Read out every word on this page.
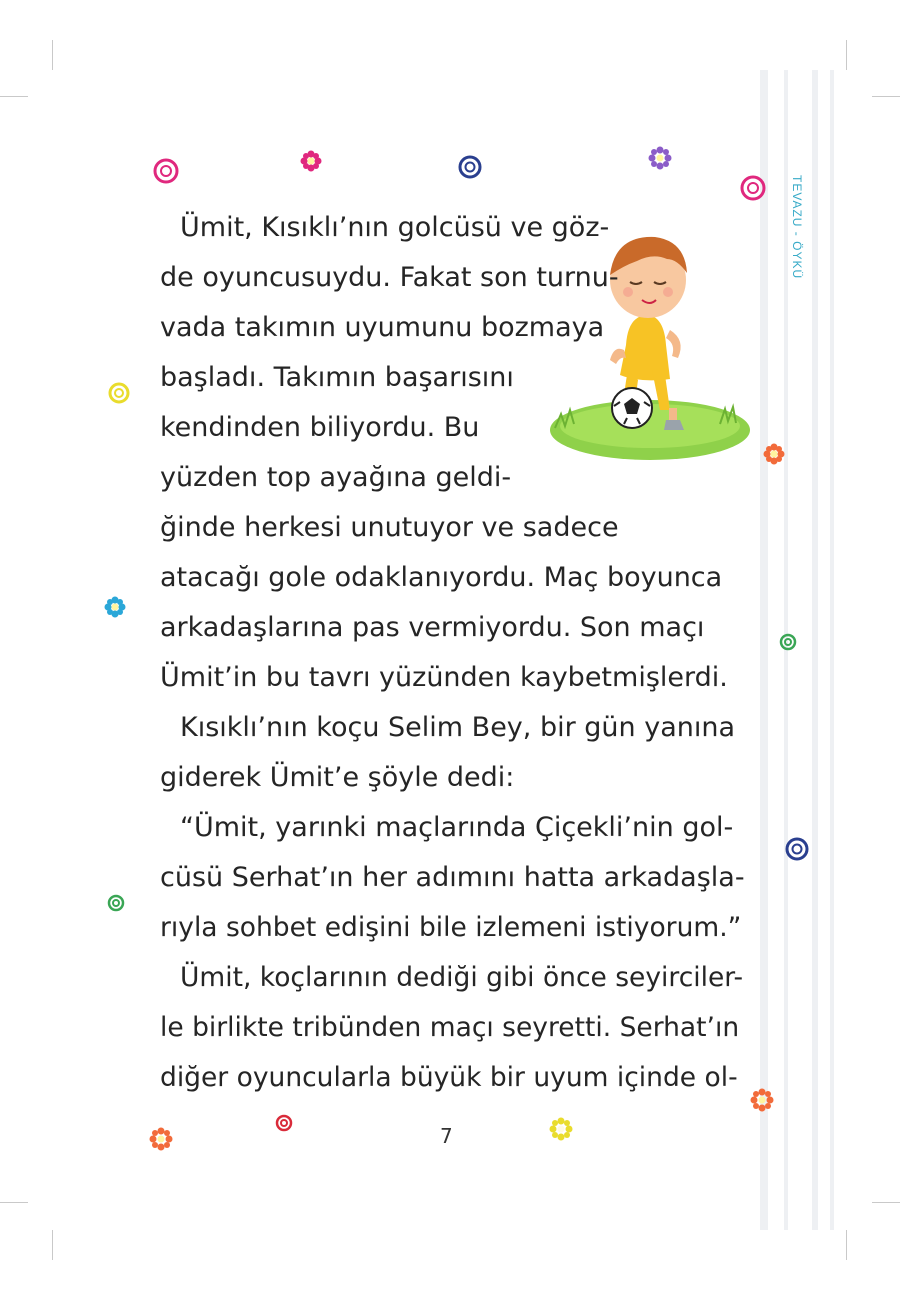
TEVAZU - ÖYKÜ
Ümit, Kısıklı’nın golcüsü ve göz-
de oyuncusuydu. Fakat son turnu-
vada takımın uyumunu bozmaya
başladı. Takımın başarısını
kendinden biliyordu. Bu
yüzden top ayağına geldi-
ğinde herkesi unutuyor ve sadece
atacağı gole odaklanıyordu. Maç boyunca
arkadaşlarına pas vermiyordu. Son maçı
Ümit’in bu tavrı yüzünden kaybetmişlerdi.
Kısıklı’nın koçu Selim Bey, bir gün yanına
giderek Ümit’e şöyle dedi:
“Ümit, yarınki maçlarında Çiçekli’nin gol-
cüsü Serhat’ın her adımını hatta arkadaşla-
rıyla sohbet edişini bile izlemeni istiyorum.”
Ümit, koçlarının dediği gibi önce seyirciler-
le birlikte tribünden maçı seyretti. Serhat’ın
diğer oyuncularla büyük bir uyum içinde ol-
7
